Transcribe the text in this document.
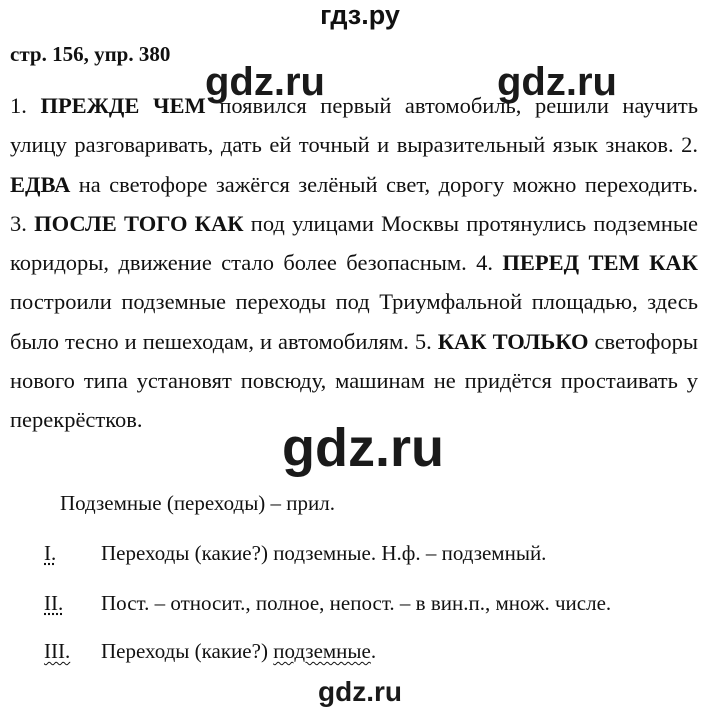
гдз.ру
стр. 156, упр. 380

1. ПРЕЖДЕ ЧЕМ появился первый автомобиль, решили научить улицу разговаривать, дать ей точный и выразительный язык знаков. 2. ЕДВА на светофоре зажёгся зелёный свет, дорогу можно переходить. 3. ПОСЛЕ ТОГО КАК под улицами Москвы протянулись подземные коридоры, движение стало более безопасным. 4. ПЕРЕД ТЕМ КАК построили подземные переходы под Триумфальной площадью, здесь было тесно и пешеходам, и автомобилям. 5. КАК ТОЛЬКО светофоры нового типа установят повсюду, машинам не придётся простаивать у перекрёстков.

Подземные (переходы) – прил.
I. Переходы (какие?) подземные. Н.ф. – подземный.
II. Пост. – относит., полное, непост. – в вин.п., множ. числе.
III. Переходы (какие?) подземные.
gdz.ru	gdz.ru
gdz.ru
gdz.ru
